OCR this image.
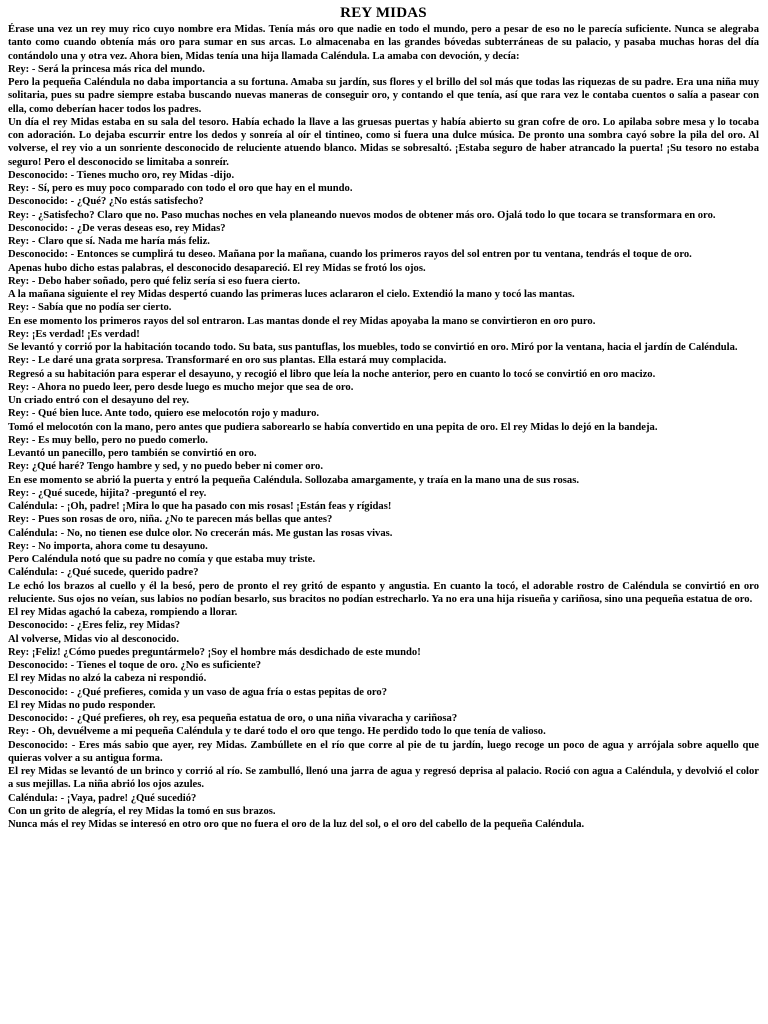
REY MIDAS

Érase una vez un rey muy rico cuyo nombre era Midas. Tenía más oro que nadie en todo el mundo, pero a pesar de eso no le parecía suficiente. Nunca se alegraba tanto como cuando obtenía más oro para sumar en sus arcas. Lo almacenaba en las grandes bóvedas subterráneas de su palacio, y pasaba muchas horas del día contándolo una y otra vez. Ahora bien, Midas tenía una hija llamada Caléndula. La amaba con devoción, y decía:

Rey: - Será la princesa más rica del mundo.

Pero la pequeña Caléndula no daba importancia a su fortuna. Amaba su jardín, sus flores y el brillo del sol más que todas las riquezas de su padre. Era una niña muy solitaria, pues su padre siempre estaba buscando nuevas maneras de conseguir oro, y contando el que tenía, así que rara vez le contaba cuentos o salía a pasear con ella, como deberían hacer todos los padres.

Un día el rey Midas estaba en su sala del tesoro. Había echado la llave a las gruesas puertas y había abierto su gran cofre de oro. Lo apilaba sobre mesa y lo tocaba con adoración. Lo dejaba escurrir entre los dedos y sonreía al oír el tintineo, como si fuera una dulce música. De pronto una sombra cayó sobre la pila del oro. Al volverse, el rey vio a un sonriente desconocido de reluciente atuendo blanco. Midas se sobresaltó. ¡Estaba seguro de haber atrancado la puerta! ¡Su tesoro no estaba seguro! Pero el desconocido se limitaba a sonreír.

Desconocido: - Tienes mucho oro, rey Midas -dijo.

Rey: - Sí, pero es muy poco comparado con todo el oro que hay en el mundo.

Desconocido: - ¿Qué? ¿No estás satisfecho?

Rey: - ¿Satisfecho? Claro que no. Paso muchas noches en vela planeando nuevos modos de obtener más oro. Ojalá todo lo que tocara se transformara en oro.

Desconocido: - ¿De veras deseas eso, rey Midas?

Rey: - Claro que sí. Nada me haría más feliz.

Desconocido: - Entonces se cumplirá tu deseo. Mañana por la mañana, cuando los primeros rayos del sol entren por tu ventana, tendrás el toque de oro.

Apenas hubo dicho estas palabras, el desconocido desapareció. El rey Midas se frotó los ojos.

Rey: - Debo haber soñado, pero qué feliz sería si eso fuera cierto.

A la mañana siguiente el rey Midas despertó cuando las primeras luces aclararon el cielo. Extendió la mano y tocó las mantas.

Rey: - Sabía que no podía ser cierto.

En ese momento los primeros rayos del sol entraron. Las mantas donde el rey Midas apoyaba la mano se convirtieron en oro puro.

Rey: ¡Es verdad! ¡Es verdad!

Se levantó y corrió por la habitación tocando todo. Su bata, sus pantuflas, los muebles, todo se convirtió en oro. Miró por la ventana, hacia el jardín de Caléndula.

Rey: - Le daré una grata sorpresa. Transformaré en oro sus plantas. Ella estará muy complacida.

Regresó a su habitación para esperar el desayuno, y recogió el libro que leía la noche anterior, pero en cuanto lo tocó se convirtió en oro macizo.

Rey: - Ahora no puedo leer, pero desde luego es mucho mejor que sea de oro.

Un criado entró con el desayuno del rey.

Rey: - Qué bien luce. Ante todo, quiero ese melocotón rojo y maduro.

Tomó el melocotón con la mano, pero antes que pudiera saborearlo se había convertido en una pepita de oro. El rey Midas lo dejó en la bandeja.

Rey: - Es muy bello, pero no puedo comerlo.

Levantó un panecillo, pero también se convirtió en oro.

Rey: ¿Qué haré? Tengo hambre y sed, y no puedo beber ni comer oro.

En ese momento se abrió la puerta y entró la pequeña Caléndula. Sollozaba amargamente, y traía en la mano una de sus rosas.

Rey: - ¿Qué sucede, hijita? -preguntó el rey.

Caléndula: - ¡Oh, padre! ¡Mira lo que ha pasado con mis rosas! ¡Están feas y rígidas!

Rey: - Pues son rosas de oro, niña. ¿No te parecen más bellas que antes?

Caléndula: - No, no tienen ese dulce olor. No crecerán más. Me gustan las rosas vivas.

Rey: - No importa, ahora come tu desayuno.

Pero Caléndula notó que su padre no comía y que estaba muy triste.

Caléndula: - ¿Qué sucede, querido padre?

Le echó los brazos al cuello y él la besó, pero de pronto el rey gritó de espanto y angustia. En cuanto la tocó, el adorable rostro de Caléndula se convirtió en oro reluciente. Sus ojos no veían, sus labios no podían besarlo, sus bracitos no podían estrecharlo. Ya no era una hija risueña y cariñosa, sino una pequeña estatua de oro.

El rey Midas agachó la cabeza, rompiendo a llorar.

Desconocido: - ¿Eres feliz, rey Midas?

Al volverse, Midas vio al desconocido.

Rey: ¡Feliz! ¿Cómo puedes preguntármelo? ¡Soy el hombre más desdichado de este mundo!

Desconocido: - Tienes el toque de oro. ¿No es suficiente?

El rey Midas no alzó la cabeza ni respondió.

Desconocido: - ¿Qué prefieres, comida y un vaso de agua fría o estas pepitas de oro?

El rey Midas no pudo responder.

Desconocido: - ¿Qué prefieres, oh rey, esa pequeña estatua de oro, o una niña vivaracha y cariñosa?

Rey: - Oh, devuélveme a mi pequeña Caléndula y te daré todo el oro que tengo. He perdido todo lo que tenía de valioso.

Desconocido: - Eres más sabio que ayer, rey Midas. Zambúllete en el río que corre al pie de tu jardín, luego recoge un poco de agua y arrójala sobre aquello que quieras volver a su antigua forma.

El rey Midas se levantó de un brinco y corrió al río. Se zambulló, llenó una jarra de agua y regresó deprisa al palacio. Roció con agua a Caléndula, y devolvió el color a sus mejillas. La niña abrió los ojos azules.

Caléndula: - ¡Vaya, padre! ¿Qué sucedió?

Con un grito de alegría, el rey Midas la tomó en sus brazos.

Nunca más el rey Midas se interesó en otro oro que no fuera el oro de la luz del sol, o el oro del cabello de la pequeña Caléndula.
